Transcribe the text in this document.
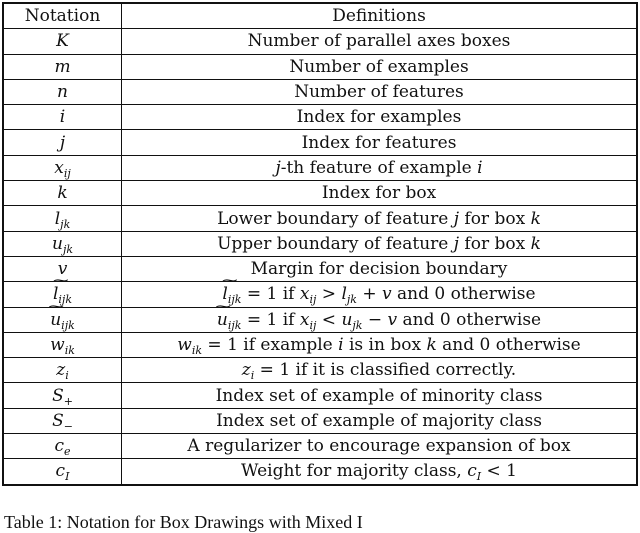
Notation	Definitions
K	Number of parallel axes boxes
m	Number of examples
n	Number of features
i	Index for examples
j	Index for features
$x_{ij}$	j-th feature of example i
k	Index for box
$l_{jk}$	Lower boundary of feature j for box k
$u_{jk}$	Upper boundary of feature j for box k
v	Margin for decision boundary
~ $l_{ijk}$	~ $l_{ijk} = 1$ if $x_{ij} > l_{jk} + v$ and 0 otherwise
~ $u_{ijk}$	~ $u_{ijk} = 1$ if $x_{ij} < u_{jk} - v$ and 0 otherwise
$w_{ik}$	$w_{ik} = 1$ if example i is in box k and 0 otherwise
$z_i$	$z_i = 1$ if it is classified correctly.
$S_+$	Index set of example of minority class
$S_-$	Index set of example of majority class
$c_e$	A regularizer to encourage expansion of box
$c_I$	Weight for majority class, $c_I < 1$
Table 1: Notation for Box Drawings with Mixed I
